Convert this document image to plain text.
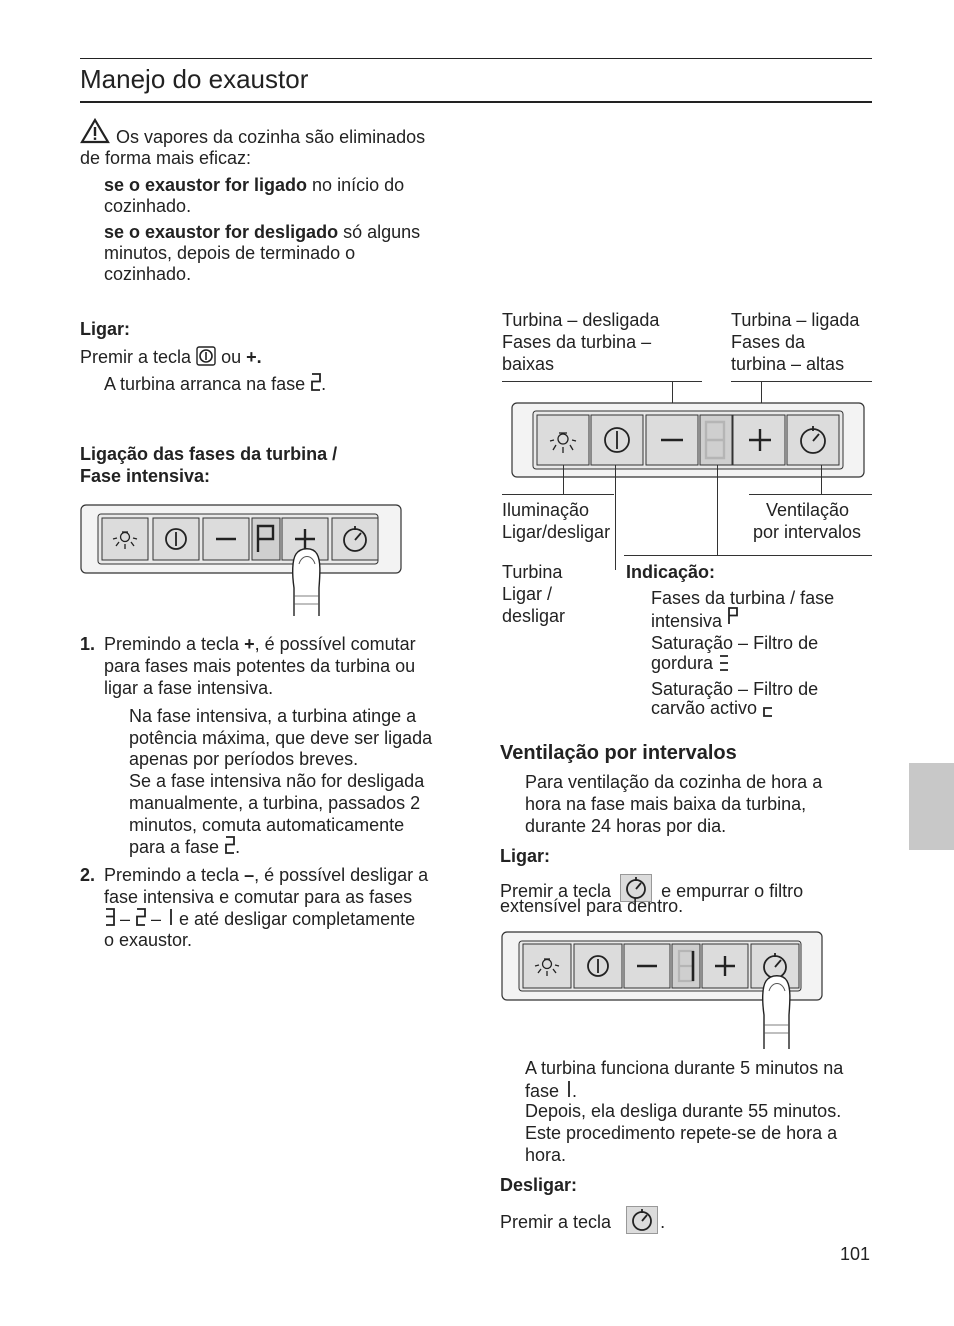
Manejo do exaustor
Os vapores da cozinha são eliminados
de forma mais eficaz:
se o exaustor for ligado no início do
cozinhado.
se o exaustor for desligado só alguns
minutos, depois de terminado o
cozinhado.
Ligar:
Premir a tecla ou +.
A turbina arranca na fase .
Ligação das fases da turbina /
Fase intensiva:
1. Premindo a tecla +, é possível comutar
para fases mais potentes da turbina ou
ligar a fase intensiva.
Na fase intensiva, a turbina atinge a
potência máxima, que deve ser ligada
apenas por períodos breves.
Se a fase intensiva não for desligada
manualmente, a turbina, passados 2
minutos, comuta automaticamente
para a fase .
2. Premindo a tecla –, é possível desligar a
fase intensiva e comutar para as fases
–  –  e até desligar completamente
o exaustor.
Turbina – desligada
Fases da turbina –
baixas
Turbina – ligada
Fases da
turbina – altas
Iluminação
Ligar/desligar
Ventilação
por intervalos
Turbina
Ligar /
desligar
Indicação:
Fases da turbina / fase
intensiva
Saturação – Filtro de
gordura
Saturação – Filtro de
carvão activo
Ventilação por intervalos
Para ventilação da cozinha de hora a
hora na fase mais baixa da turbina,
durante 24 horas por dia.
Ligar:
Premir a tecla	e empurrar o filtro
extensível para dentro.
A turbina funciona durante 5 minutos na
fase .
Depois, ela desliga durante 55 minutos.
Este procedimento repete-se de hora a
hora.
Desligar:
Premir a tecla	.
101
